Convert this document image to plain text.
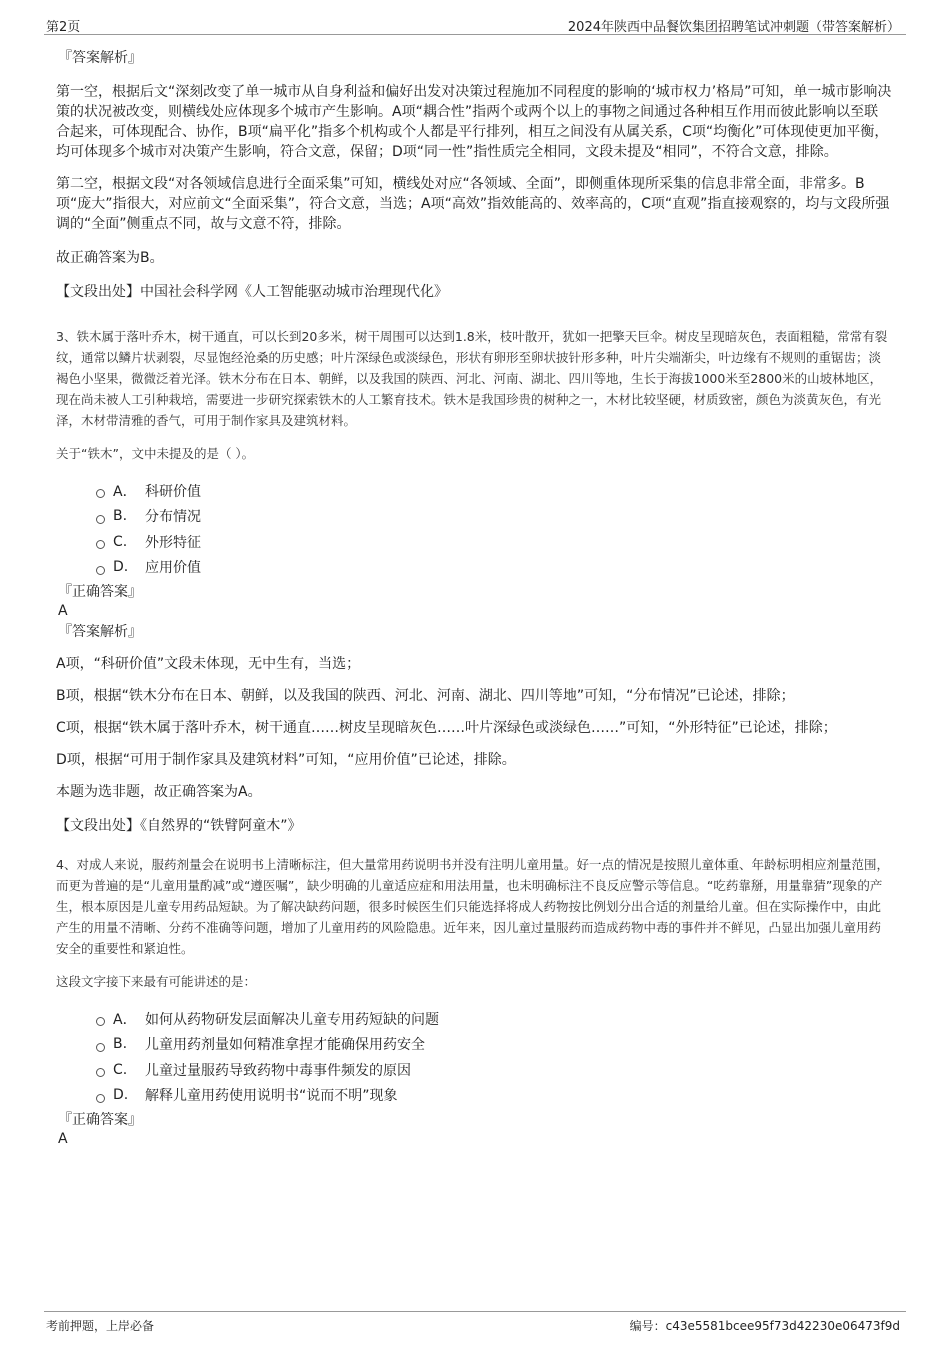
第2页	2024年陕西中品餐饮集团招聘笔试冲刺题（带答案解析）
『答案解析』

第一空，根据后文“深刻改变了单一城市从自身利益和偏好出发对决策过程施加不同程度的影响的‘城市权力’格局”可知，单一城市影响决策的状况被改变，则横线处应体现多个城市产生影响。A项“耦合性”指两个或两个以上的事物之间通过各种相互作用而彼此影响以至联合起来，可体现配合、协作，B项“扁平化”指多个机构或个人都是平行排列，相互之间没有从属关系，C项“均衡化”可体现使更加平衡，均可体现多个城市对决策产生影响，符合文意，保留；D项“同一性”指性质完全相同，文段未提及“相同”，不符合文意，排除。

第二空，根据文段“对各领域信息进行全面采集”可知，横线处对应“各领域、全面”，即侧重体现所采集的信息非常全面，非常多。B项“庞大”指很大，对应前文“全面采集”，符合文意，当选；A项“高效”指效能高的、效率高的，C项“直观”指直接观察的，均与文段所强调的“全面”侧重点不同，故与文意不符，排除。

故正确答案为B。

【文段出处】中国社会科学网《人工智能驱动城市治理现代化》

3、铁木属于落叶乔木，树干通直，可以长到20多米，树干周围可以达到1.8米，枝叶散开，犹如一把擎天巨伞。树皮呈现暗灰色，表面粗糙，常常有裂纹，通常以鳞片状剥裂，尽显饱经沧桑的历史感；叶片深绿色或淡绿色，形状有卵形至卵状披针形多种，叶片尖端渐尖，叶边缘有不规则的重锯齿；淡褐色小坚果，微微泛着光泽。铁木分布在日本、朝鲜，以及我国的陕西、河北、河南、湖北、四川等地，生长于海拔1000米至2800米的山坡林地区，现在尚未被人工引种栽培，需要进一步研究探索铁木的人工繁育技术。铁木是我国珍贵的树种之一，木材比较坚硬，材质致密，颜色为淡黄灰色，有光泽，木材带清雅的香气，可用于制作家具及建筑材料。

关于“铁木”，文中未提及的是（ ）。

A． 科研价值
B.	分布情况
C.	外形特征
D.	应用价值
『正确答案』
A
『答案解析』

A项，“科研价值”文段未体现，无中生有，当选；

B项，根据“铁木分布在日本、朝鲜，以及我国的陕西、河北、河南、湖北、四川等地”可知，“分布情况”已论述，排除；

C项，根据“铁木属于落叶乔木，树干通直……树皮呈现暗灰色……叶片深绿色或淡绿色……”可知，“外形特征”已论述，排除；

D项，根据“可用于制作家具及建筑材料”可知，“应用价值”已论述，排除。

本题为选非题，故正确答案为A。

【文段出处】《自然界的“铁臂阿童木”》

4、对成人来说，服药剂量会在说明书上清晰标注，但大量常用药说明书并没有注明儿童用量。好一点的情况是按照儿童体重、年龄标明相应剂量范围，而更为普遍的是“儿童用量酌减”或“遵医嘱”，缺少明确的儿童适应症和用法用量，也未明确标注不良反应警示等信息。“吃药靠掰，用量靠猜”现象的产生，根本原因是儿童专用药品短缺。为了解决缺药问题，很多时候医生们只能选择将成人药物按比例划分出合适的剂量给儿童。但在实际操作中，由此产生的用量不清晰、分药不准确等问题，增加了儿童用药的风险隐患。近年来，因儿童过量服药而造成药物中毒的事件并不鲜见，凸显出加强儿童用药安全的重要性和紧迫性。

这段文字接下来最有可能讲述的是：

A． 如何从药物研发层面解决儿童专用药短缺的问题
B.	儿童用药剂量如何精准拿捏才能确保用药安全
C.	儿童过量服药导致药物中毒事件频发的原因
D.	解释儿童用药使用说明书“说而不明”现象
『正确答案』
A
考前押题，上岸必备	编号：c43e5581bcee95f73d42230e06473f9d
